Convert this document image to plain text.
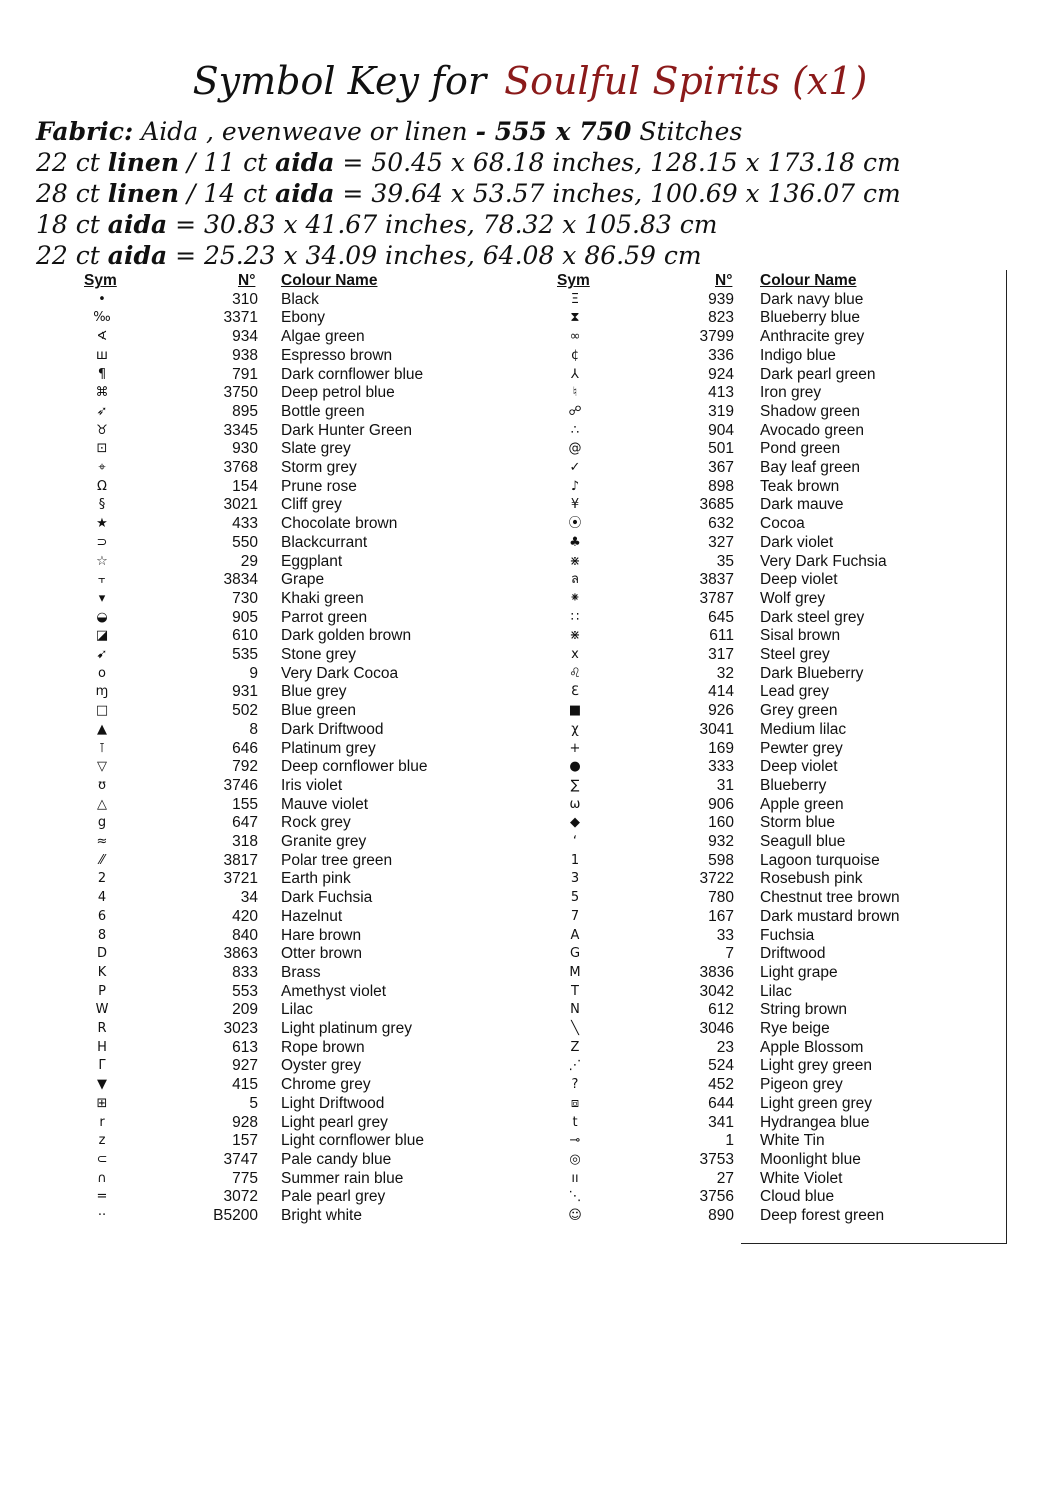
Symbol Key for Soulful Spirits (x1)
Fabric: Aida , evenweave or linen - 555 x 750 Stitches
22 ct linen / 11 ct aida = 50.45 x 68.18 inches, 128.15 x 173.18 cm
28 ct linen / 14 ct aida = 39.64 x 53.57 inches, 100.69 x 136.07 cm
18 ct aida = 30.83 x 41.67 inches, 78.32 x 105.83 cm
22 ct aida = 25.23 x 34.09 inches, 64.08 x 86.59 cm
Sym	N° Colour Name	Sym	N° Colour Name
•	310 Black
‰	3371 Ebony
∢	934 Algae green
ш	938 Espresso brown
¶	791 Dark cornflower blue
⌘	3750 Deep petrol blue
➶	895 Bottle green
♉	3345 Dark Hunter Green
⊡	930 Slate grey
⌖	3768 Storm grey
Ω	154 Prune rose
§	3021 Cliff grey
★	433 Chocolate brown
⊃	550 Blackcurrant
☆	29 Eggplant
⫟	3834 Grape
▾	730 Khaki green
◒	905 Parrot green
◪	610 Dark golden brown
➹	535 Stone grey
o	9 Very Dark Cocoa
ɱ	931 Blue grey
□	502 Blue green
▲	8 Dark Driftwood
⊺	646 Platinum grey
▽	792 Deep cornflower blue
ʊ	3746 Iris violet
△	155 Mauve violet
g	647 Rock grey
≈	318 Granite grey
⁄⁄	3817 Polar tree green
2	3721 Earth pink
4	34 Dark Fuchsia
6	420 Hazelnut
8	840 Hare brown
D	3863 Otter brown
K	833 Brass
P	553 Amethyst violet
W	209 Lilac
R	3023 Light platinum grey
H	613 Rope brown
Γ	927 Oyster grey
▼	415 Chrome grey
⊞	5 Light Driftwood
r	928 Light pearl grey
z	157 Light cornflower blue
⊂	3747 Pale candy blue
∩	775 Summer rain blue
=	3072 Pale pearl grey
··	B5200 Bright white
Ξ	939 Dark navy blue
⧗	823 Blueberry blue
∞	3799 Anthracite grey
¢	336 Indigo blue
⅄	924 Dark pearl green
♮	413 Iron grey
☍	319 Shadow green
∴	904 Avocado green
@	501 Pond green
✓	367 Bay leaf green
♪	898 Teak brown
¥	3685 Dark mauve
⦿	632 Cocoa
♣	327 Dark violet
⋇	35 Very Dark Fuchsia
ล	3837 Deep violet
⁕	3787 Wolf grey
∷	645 Dark steel grey
⋇	611 Sisal brown
x	317 Steel grey
♌	32 Dark Blueberry
ℇ	414 Lead grey
■	926 Grey green
χ	3041 Medium lilac
+	169 Pewter grey
●	333 Deep violet
∑	31 Blueberry
ω	906 Apple green
◆	160 Storm blue
ʻ	932 Seagull blue
1	598 Lagoon turquoise
3	3722 Rosebush pink
5	780 Chestnut tree brown
7	167 Dark mustard brown
A	33 Fuchsia
G	7 Driftwood
M	3836 Light grape
T	3042 Lilac
N	612 String brown
╲	3046 Rye beige
Z	23 Apple Blossom
⋰	524 Light grey green
?	452 Pigeon grey
⧈	644 Light green grey
t	341 Hydrangea blue
⊸	1 White Tin
◎	3753 Moonlight blue
ıı	27 White Violet
⋱	3756 Cloud blue
☺	890 Deep forest green
